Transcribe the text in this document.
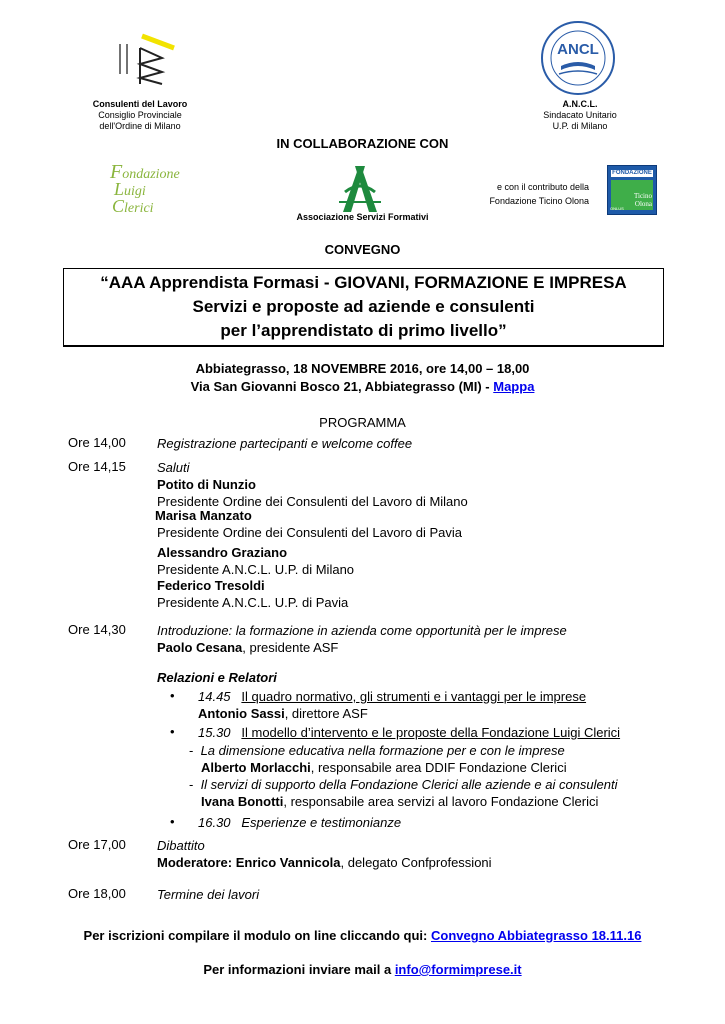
Consulenti del Lavoro
Consiglio Provinciale
dell'Ordine di Milano
ANCL
A.N.C.L.
Sindacato Unitario
U.P. di Milano
IN COLLABORAZIONE CON
Fondazione
Luigi
Clerici
Associazione Servizi Formativi
e con il contributo della
Fondazione Ticino Olona
FONDAZIONE
Ticino
Olona
ONLUS
CONVEGNO
“AAA Apprendista Formasi - GIOVANI, FORMAZIONE E IMPRESA
Servizi e proposte ad aziende e consulenti
per l’apprendistato di primo livello”
Abbiategrasso, 18 NOVEMBRE 2016, ore 14,00 – 18,00
Via San Giovanni Bosco 21, Abbiategrasso (MI) - Mappa
PROGRAMMA
Ore 14,00 Registrazione partecipanti e welcome coffee
Ore 14,15 Saluti
Potito di Nunzio
Presidente Ordine dei Consulenti del Lavoro di Milano
Marisa Manzato
Presidente Ordine dei Consulenti del Lavoro di Pavia
Alessandro Graziano
Presidente A.N.C.L. U.P. di Milano
Federico Tresoldi
Presidente A.N.C.L. U.P. di Pavia
Ore 14,30 Introduzione: la formazione in azienda come opportunità per le imprese
Paolo Cesana, presidente ASF
Relazioni e Relatori
• 14.45 Il quadro normativo, gli strumenti e i vantaggi per le imprese
Antonio Sassi, direttore ASF
• 15.30 Il modello d’intervento e le proposte della Fondazione Luigi Clerici
-  La dimensione educativa nella formazione per e con le imprese
Alberto Morlacchi, responsabile area DDIF Fondazione Clerici
-  Il servizi di supporto della Fondazione Clerici alle aziende e ai consulenti
Ivana Bonotti, responsabile area servizi al lavoro Fondazione Clerici
• 16.30 Esperienze e testimonianze
Ore 17,00 Dibattito
Moderatore: Enrico Vannicola, delegato Confprofessioni
Ore 18,00 Termine dei lavori
Per iscrizioni compilare il modulo on line cliccando qui: Convegno Abbiategrasso 18.11.16
Per informazioni inviare mail a info@formimprese.it
